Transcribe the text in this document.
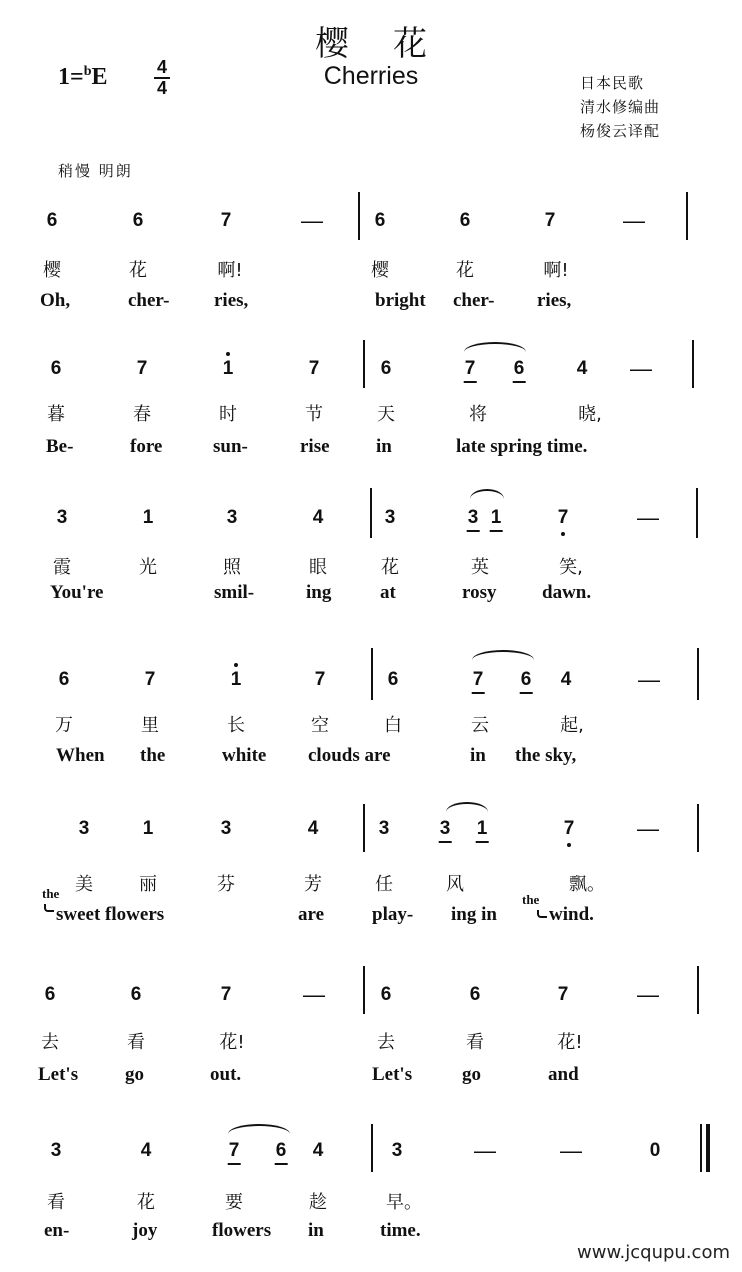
樱花
1=$^b$E	4
4	Cherries	日本民歌
清水修编曲
杨俊云译配
稍慢 明朗
6	6	7	—	6	6	7	—
樱	花	啊!	樱	花	啊!
Oh,	cher- ries,	bright cher- ries,
6	7	1	7	6	7 6	4 —
暮	春	时	节	天	将	晓,
Be-	fore	sun-	rise in	late spring time.
3	1	3	4	3	3 1	7	—
霞	光	照	眼	花	英	笑,
You're	smil-	ing	at	rosy dawn.
6	7	1	7	6	7 6 4	—
万	里	长	空	白	云	起,
When the	white clouds are	in the sky,
3	1	3	4	3	3 1	7	—
美	丽	芬	芳	任	风	飘。
sweet flowers	are	play- ing in	wind.
the	the
6	6	7	—	6	6	7	—
去	看	花!	去	看	花!
Let's go	out.	Let's	go	and
3	4	7 6 4	3	—	—	0
看	花	要	趁	早。
en-	joy	flowers in	time.
www.jcqupu.com
